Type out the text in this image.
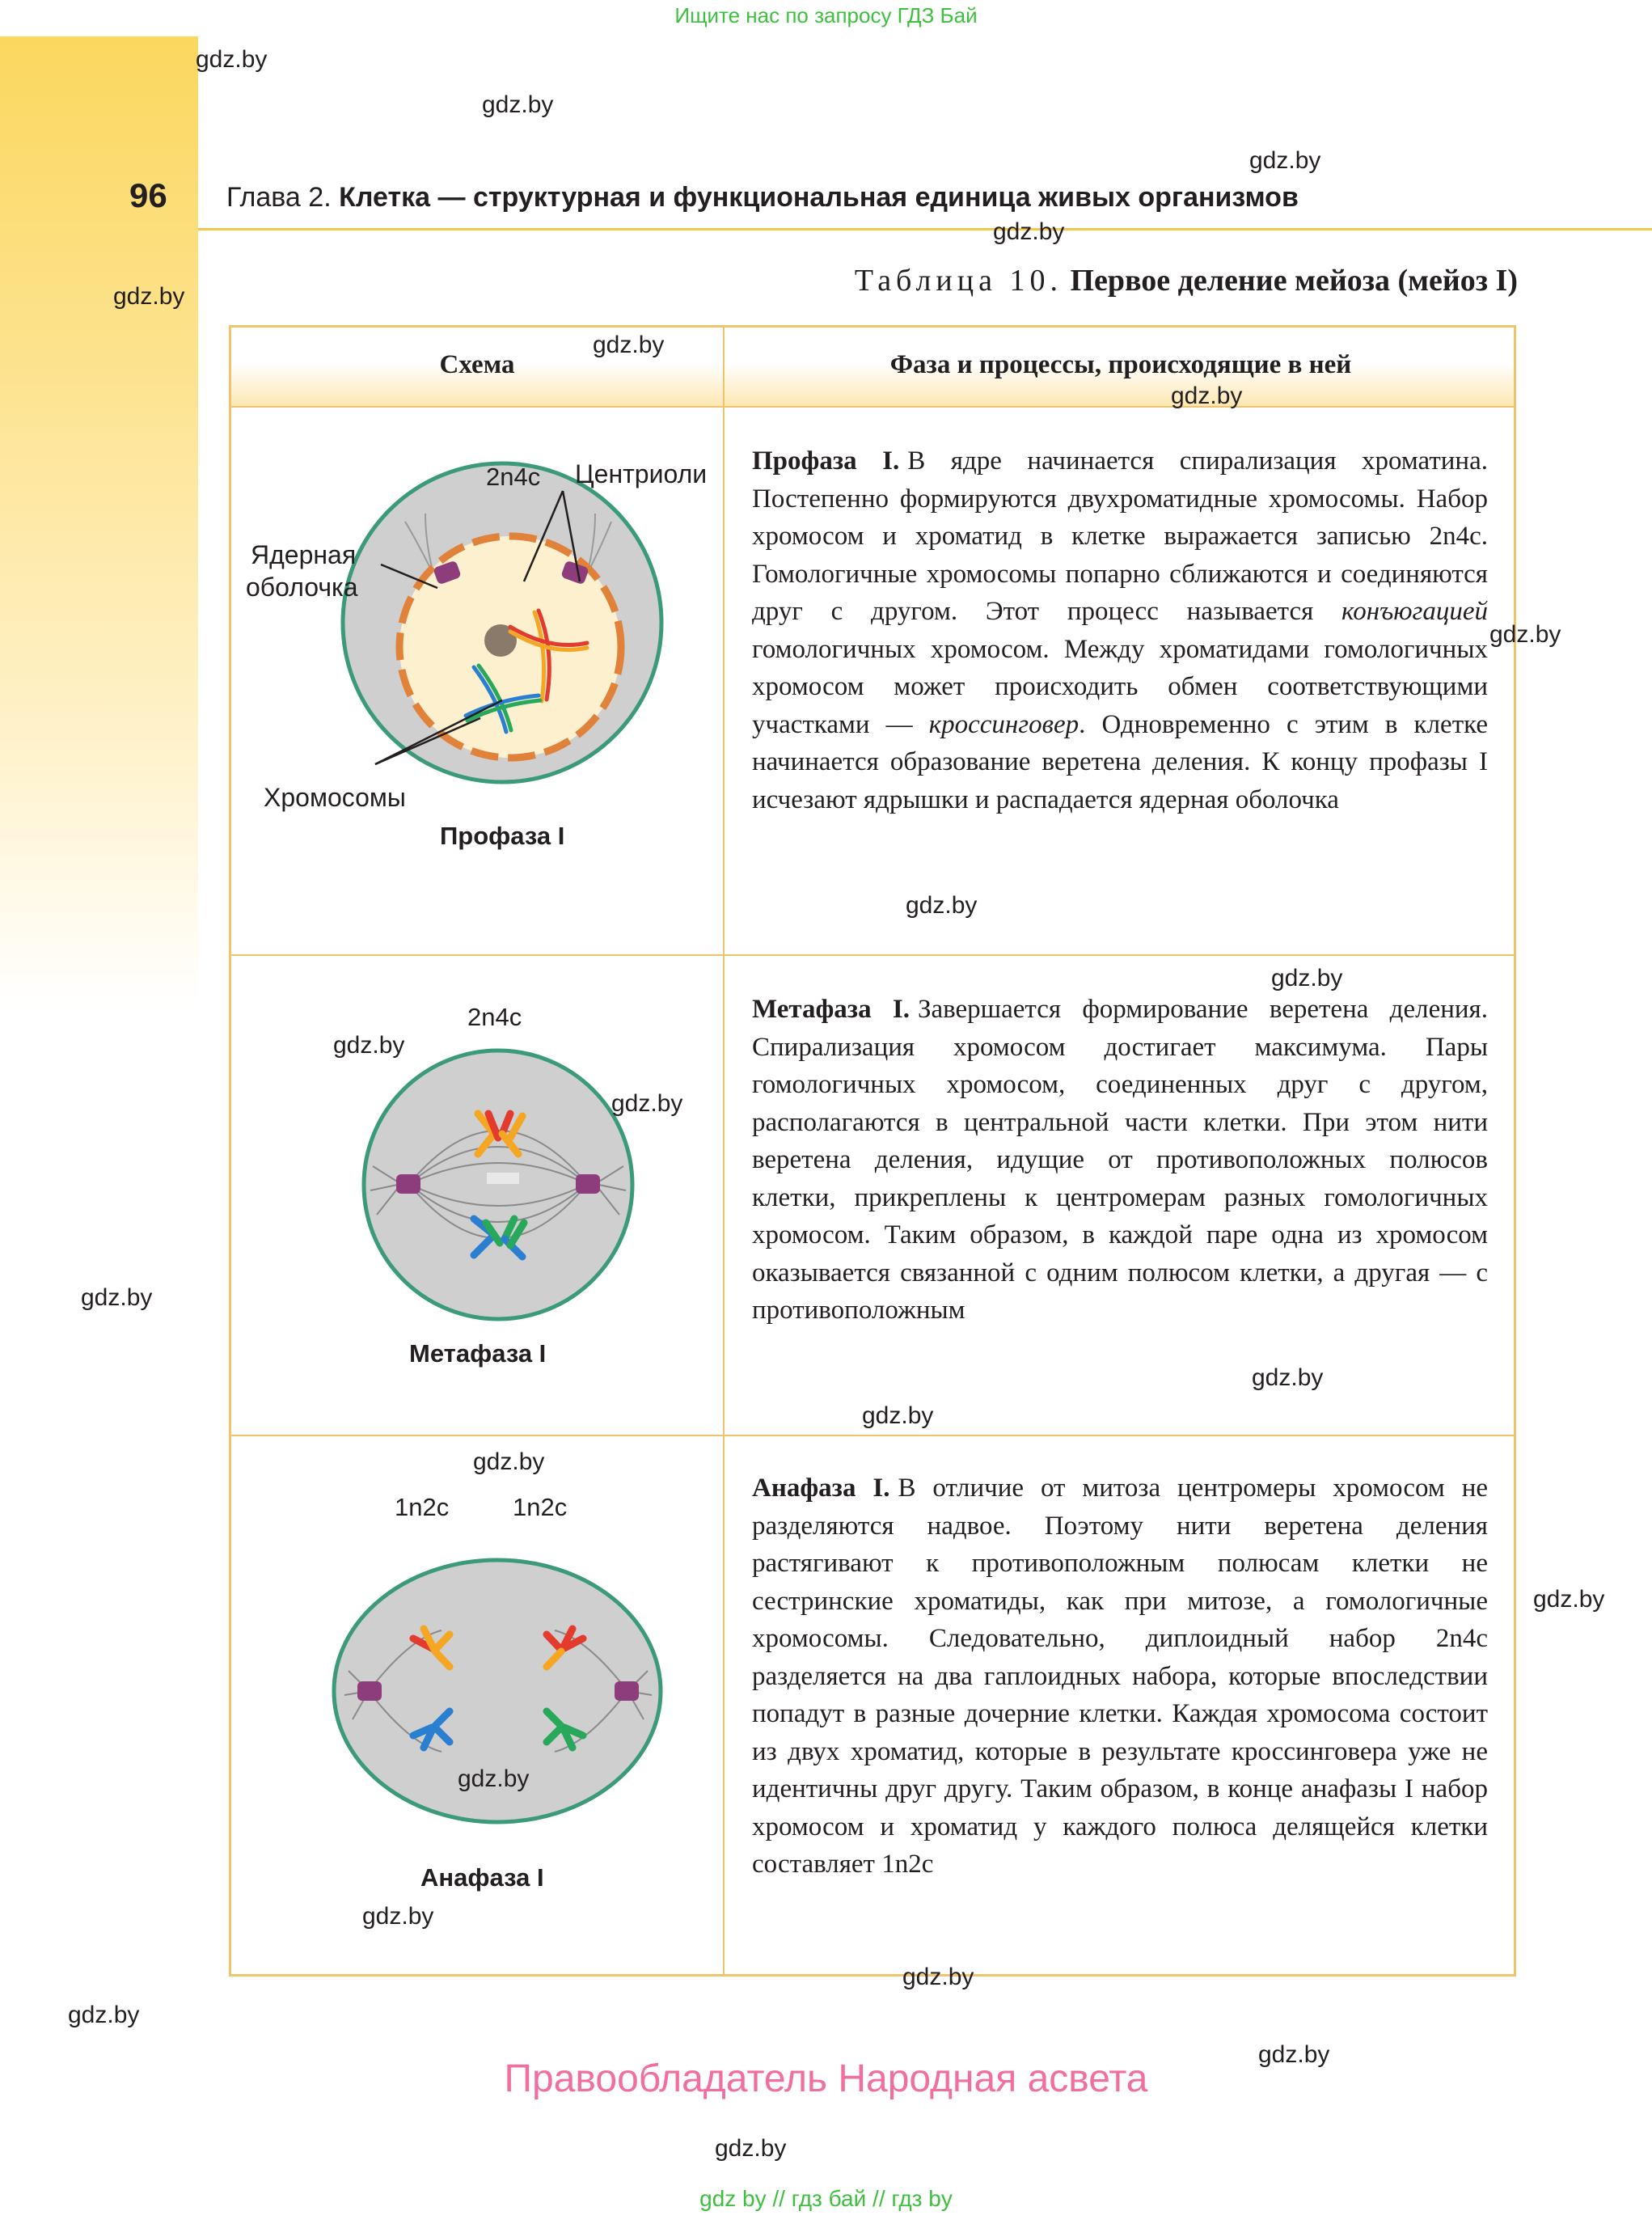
Ищите нас по запросу ГДЗ Бай
96 Глава 2. Клетка — структурная и функциональная единица живых организмов
Таблица 10. Первое деление мейоза (мейоз I)
Схема	Фаза и процессы, происходящие в ней
2n4c Центриоли
Ядерная
оболочка
Хромосомы
Профаза I
2n4c
Метафаза I
1n2c	1n2c
Анафаза I
Профаза I. В ядре начинается спирализация хроматина. Постепенно формируются двухроматидные хромосомы. Набор хромосом и хроматид в клетке выражается записью 2n4c. Гомологичные хромосомы попарно сближаются и соединяются друг с другом. Этот процесс называется конъюгацией гомологичных хромосом. Между хроматидами гомологичных хромосом может происходить обмен соответствующими участками — кроссинговер. Одновременно с этим в клетке начинается образование веретена деления. К концу профазы I исчезают ядрышки и распадается ядерная оболочка
Метафаза I. Завершается формирование веретена деления. Спирализация хромосом достигает максимума. Пары гомологичных хромосом, соединенных друг с другом, располагаются в центральной части клетки. При этом нити веретена деления, идущие от противоположных полюсов клетки, прикреплены к центромерам разных гомологичных хромосом. Таким образом, в каждой паре одна из хромосом оказывается связанной с одним полюсом клетки, а другая — с противоположным
Анафаза I. В отличие от митоза центромеры хромосом не разделяются надвое. Поэтому нити веретена деления растягивают к противоположным полюсам клетки не сестринские хроматиды, как при митозе, а гомологичные хромосомы. Следовательно, диплоидный набор 2n4c разделяется на два гаплоидных набора, которые впоследствии попадут в разные дочерние клетки. Каждая хромосома состоит из двух хроматид, которые в результате кроссинговера уже не идентичны друг другу. Таким образом, в конце анафазы I набор хромосом и хроматид у каждого полюса делящейся клетки составляет 1n2c
gdz.by
gdz.by
gdz.by
gdz.by
gdz.by
gdz.by
gdz.by
gdz.by
gdz.by
gdz.by
gdz.by
gdz.by
gdz.by
gdz.by
gdz.by
gdz.by
gdz.by
gdz.by
gdz.by
gdz.by
gdz.by
gdz.by
gdz.by
Правообладатель Народная асвета
gdz by // гдз бай // гдз by
